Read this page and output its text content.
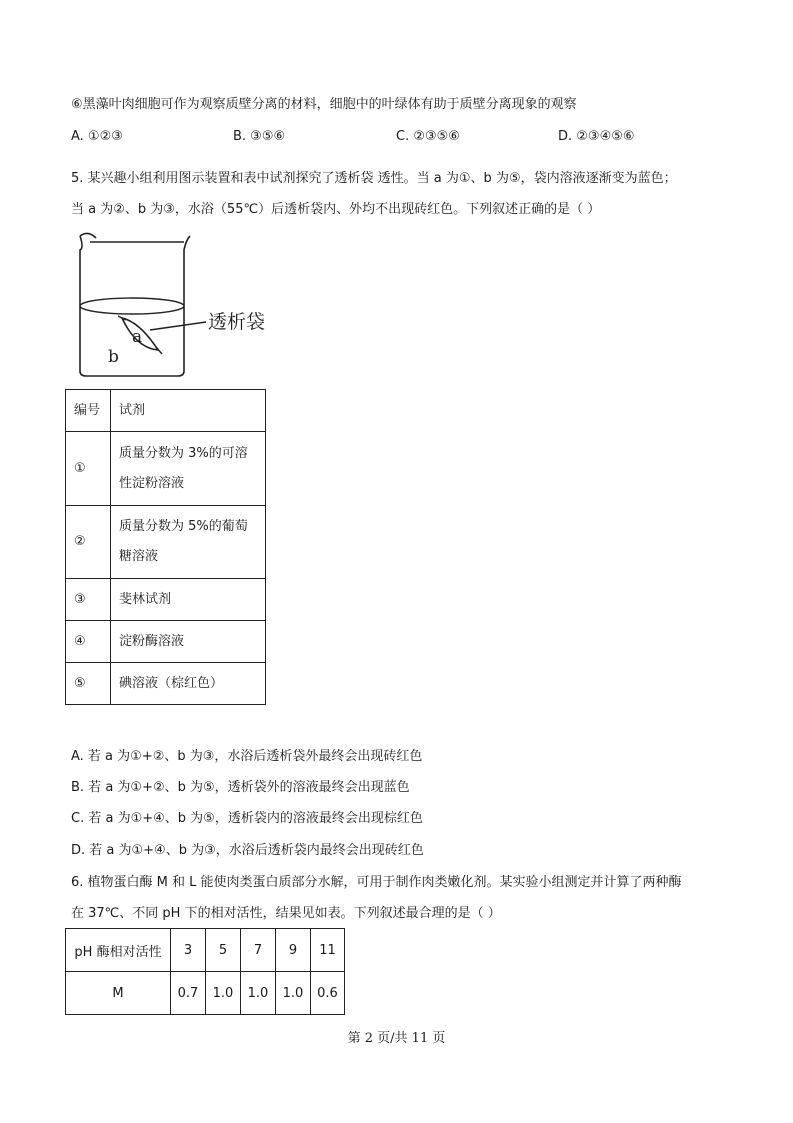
⑥黑藻叶肉细胞可作为观察质壁分离的材料，细胞中的叶绿体有助于质壁分离现象的观察
A. ①②③	B. ③⑤⑥	C. ②③⑤⑥	D. ②③④⑤⑥
5. 某兴趣小组利用图示装置和表中试剂探究了透析袋 透性。当 a 为①、b 为⑤，袋内溶液逐渐变为蓝色；
当 a 为②、b 为③，水浴（55℃）后透析袋内、外均不出现砖红色。下列叙述正确的是（ ）
a
b
透析袋
编号	试剂
①	质量分数为 3%的可溶
性淀粉溶液

②	质量分数为 5%的葡萄
糖溶液

③	斐林试剂
④	淀粉酶溶液
⑤	碘溶液（棕红色）
A. 若 a 为①+②、b 为③，水浴后透析袋外最终会出现砖红色
B. 若 a 为①+②、b 为⑤，透析袋外的溶液最终会出现蓝色
C. 若 a 为①+④、b 为⑤，透析袋内的溶液最终会出现棕红色
D. 若 a 为①+④、b 为③，水浴后透析袋内最终会出现砖红色
6. 植物蛋白酶 M 和 L 能使肉类蛋白质部分水解，可用于制作肉类嫩化剂。某实验小组测定并计算了两种酶
在 37℃、不同 pH 下的相对活性，结果见如表。下列叙述最合理的是（ ）
pH 酶相对活性	3	5	7	9	11
M	0.7	1.0	1.0	1.0	0.6
第 2 页/共 11 页
